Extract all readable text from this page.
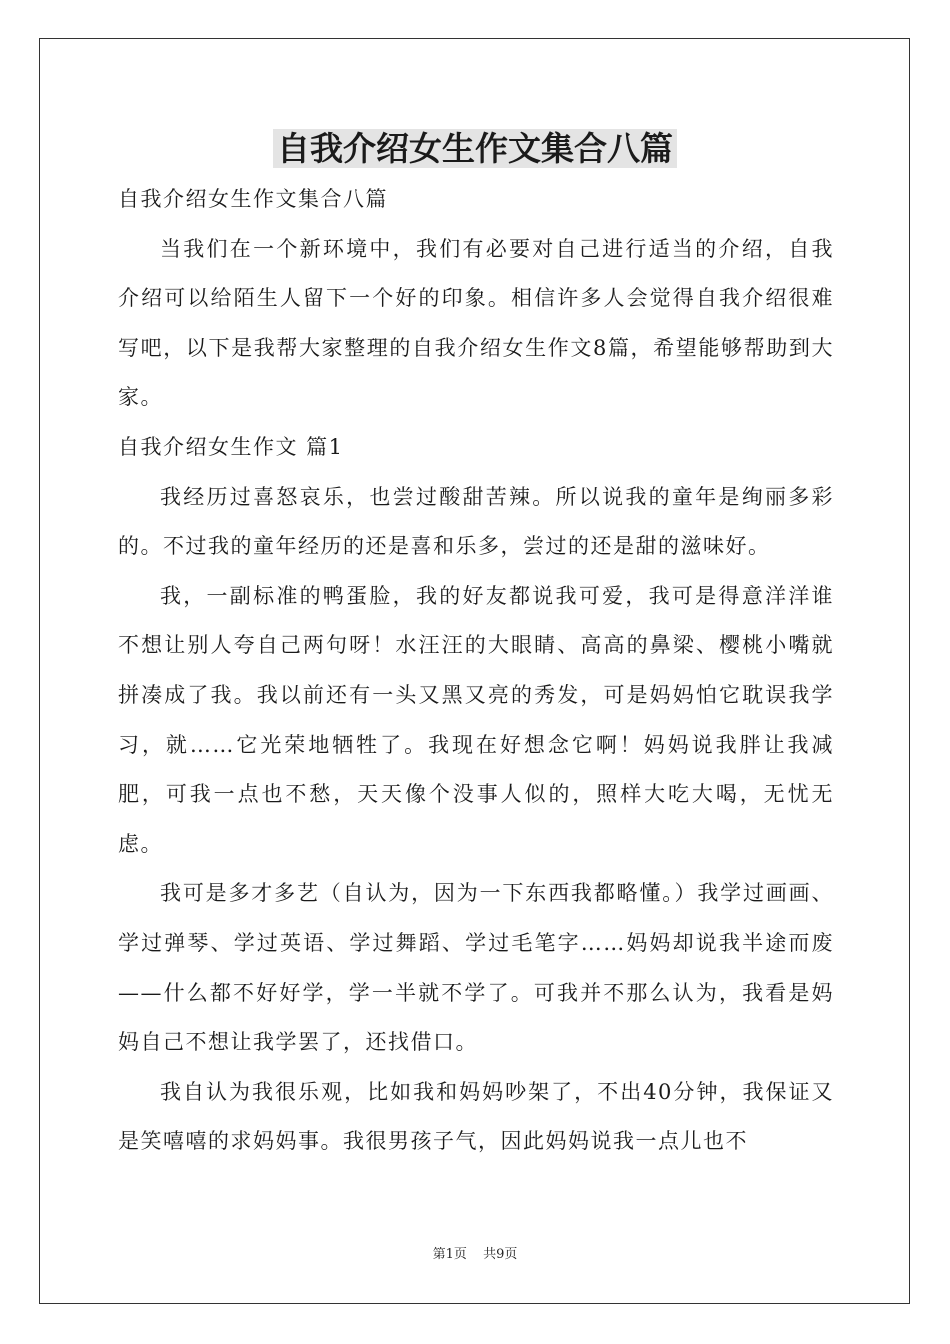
自我介绍女生作文集合八篇

自我介绍女生作文集合八篇

当我们在一个新环境中，我们有必要对自己进行适当的介绍，自我介绍可以给陌生人留下一个好的印象。相信许多人会觉得自我介绍很难写吧，以下是我帮大家整理的自我介绍女生作文8篇，希望能够帮助到大家。

自我介绍女生作文 篇1

我经历过喜怒哀乐，也尝过酸甜苦辣。所以说我的童年是绚丽多彩的。不过我的童年经历的还是喜和乐多，尝过的还是甜的滋味好。

我，一副标准的鸭蛋脸，我的好友都说我可爱，我可是得意洋洋谁不想让别人夸自己两句呀！水汪汪的大眼睛、高高的鼻梁、樱桃小嘴就拼凑成了我。我以前还有一头又黑又亮的秀发，可是妈妈怕它耽误我学习，就……它光荣地牺牲了。我现在好想念它啊！妈妈说我胖让我减肥，可我一点也不愁，天天像个没事人似的，照样大吃大喝，无忧无虑。

我可是多才多艺（自认为，因为一下东西我都略懂。）我学过画画、学过弹琴、学过英语、学过舞蹈、学过毛笔字……妈妈却说我半途而废——什么都不好好学，学一半就不学了。可我并不那么认为，我看是妈妈自己不想让我学罢了，还找借口。

我自认为我很乐观，比如我和妈妈吵架了，不出40分钟，我保证又是笑嘻嘻的求妈妈事。我很男孩子气，因此妈妈说我一点儿也不

第1页 共9页
